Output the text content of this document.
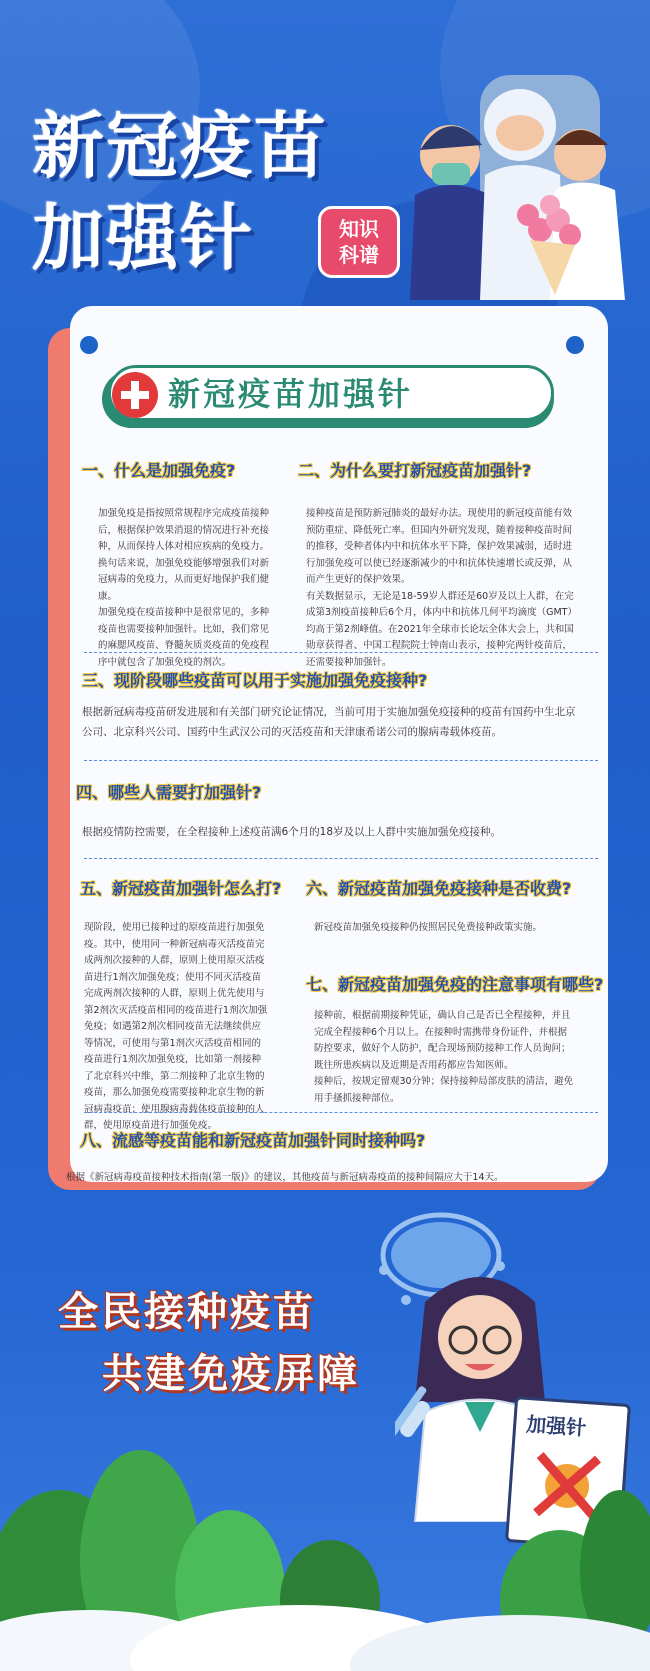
新冠疫苗
加强针	知识科谱
新冠疫苗加强针
一、什么是加强免疫?
加强免疫是指按照常规程序完成疫苗接种后，根据保护效果消退的情况进行补充接种，从而保持人体对相应疾病的免疫力。换句话来说，加强免疫能够增强我们对新冠病毒的免疫力，从而更好地保护我们健康。
加强免疫在疫苗接种中是很常见的，多种疫苗也需要接种加强针。比如，我们常见的麻腮风疫苗、脊髓灰质炎疫苗的免疫程序中就包含了加强免疫的剂次。
二、为什么要打新冠疫苗加强针?
接种疫苗是预防新冠肺炎的最好办法。现使用的新冠疫苗能有效预防重症、降低死亡率。但国内外研究发现，随着接种疫苗时间的推移，受种者体内中和抗体水平下降，保护效果减弱，适时进行加强免疫可以使已经逐渐减少的中和抗体快速增长或反弹，从而产生更好的保护效果。
有关数据显示，无论是18-59岁人群还是60岁及以上人群，在完成第3剂疫苗接种后6个月，体内中和抗体几何平均滴度（GMT）均高于第2剂峰值。在2021年全球市长论坛全体大会上，共和国勋章获得者、中国工程院院士钟南山表示，接种完两针疫苗后，还需要接种加强针。
三、现阶段哪些疫苗可以用于实施加强免疫接种?
根据新冠病毒疫苗研发进展和有关部门研究论证情况，当前可用于实施加强免疫接种的疫苗有国药中生北京公司、北京科兴公司、国药中生武汉公司的灭活疫苗和天津康希诺公司的腺病毒载体疫苗。
四、哪些人需要打加强针?
根据疫情防控需要，在全程接种上述疫苗满6个月的18岁及以上人群中实施加强免疫接种。
五、新冠疫苗加强针怎么打?
现阶段，使用已接种过的原疫苗进行加强免疫。其中，使用同一种新冠病毒灭活疫苗完成两剂次接种的人群，原则上使用原灭活疫苗进行1剂次加强免疫；使用不同灭活疫苗完成两剂次接种的人群，原则上优先使用与第2剂次灭活疫苗相同的疫苗进行1剂次加强免疫；如遇第2剂次相同疫苗无法继续供应等情况，可使用与第1剂次灭活疫苗相同的疫苗进行1剂次加强免疫，比如第一剂接种了北京科兴中维，第二剂接种了北京生物的疫苗，那么加强免疫需要接种北京生物的新冠病毒疫苗；使用腺病毒载体疫苗接种的人群，使用原疫苗进行加强免疫。
六、新冠疫苗加强免疫接种是否收费?
新冠疫苗加强免疫接种仍按照居民免费接种政策实施。
七、新冠疫苗加强免疫的注意事项有哪些?
接种前，根据前期接种凭证，确认自己是否已全程接种，并且完成全程接种6个月以上。在接种时需携带身份证件，并根据防控要求，做好个人防护，配合现场预防接种工作人员询问；既往所患疾病以及近期是否用药都应告知医师。
接种后，按规定留观30分钟；保持接种局部皮肤的清洁，避免用手搔抓接种部位。
八、流感等疫苗能和新冠疫苗加强针同时接种吗?
根据《新冠病毒疫苗接种技术指南(第一版)》的建议，其他疫苗与新冠病毒疫苗的接种间隔应大于14天。
全民接种疫苗
共建免疫屏障
加强针
